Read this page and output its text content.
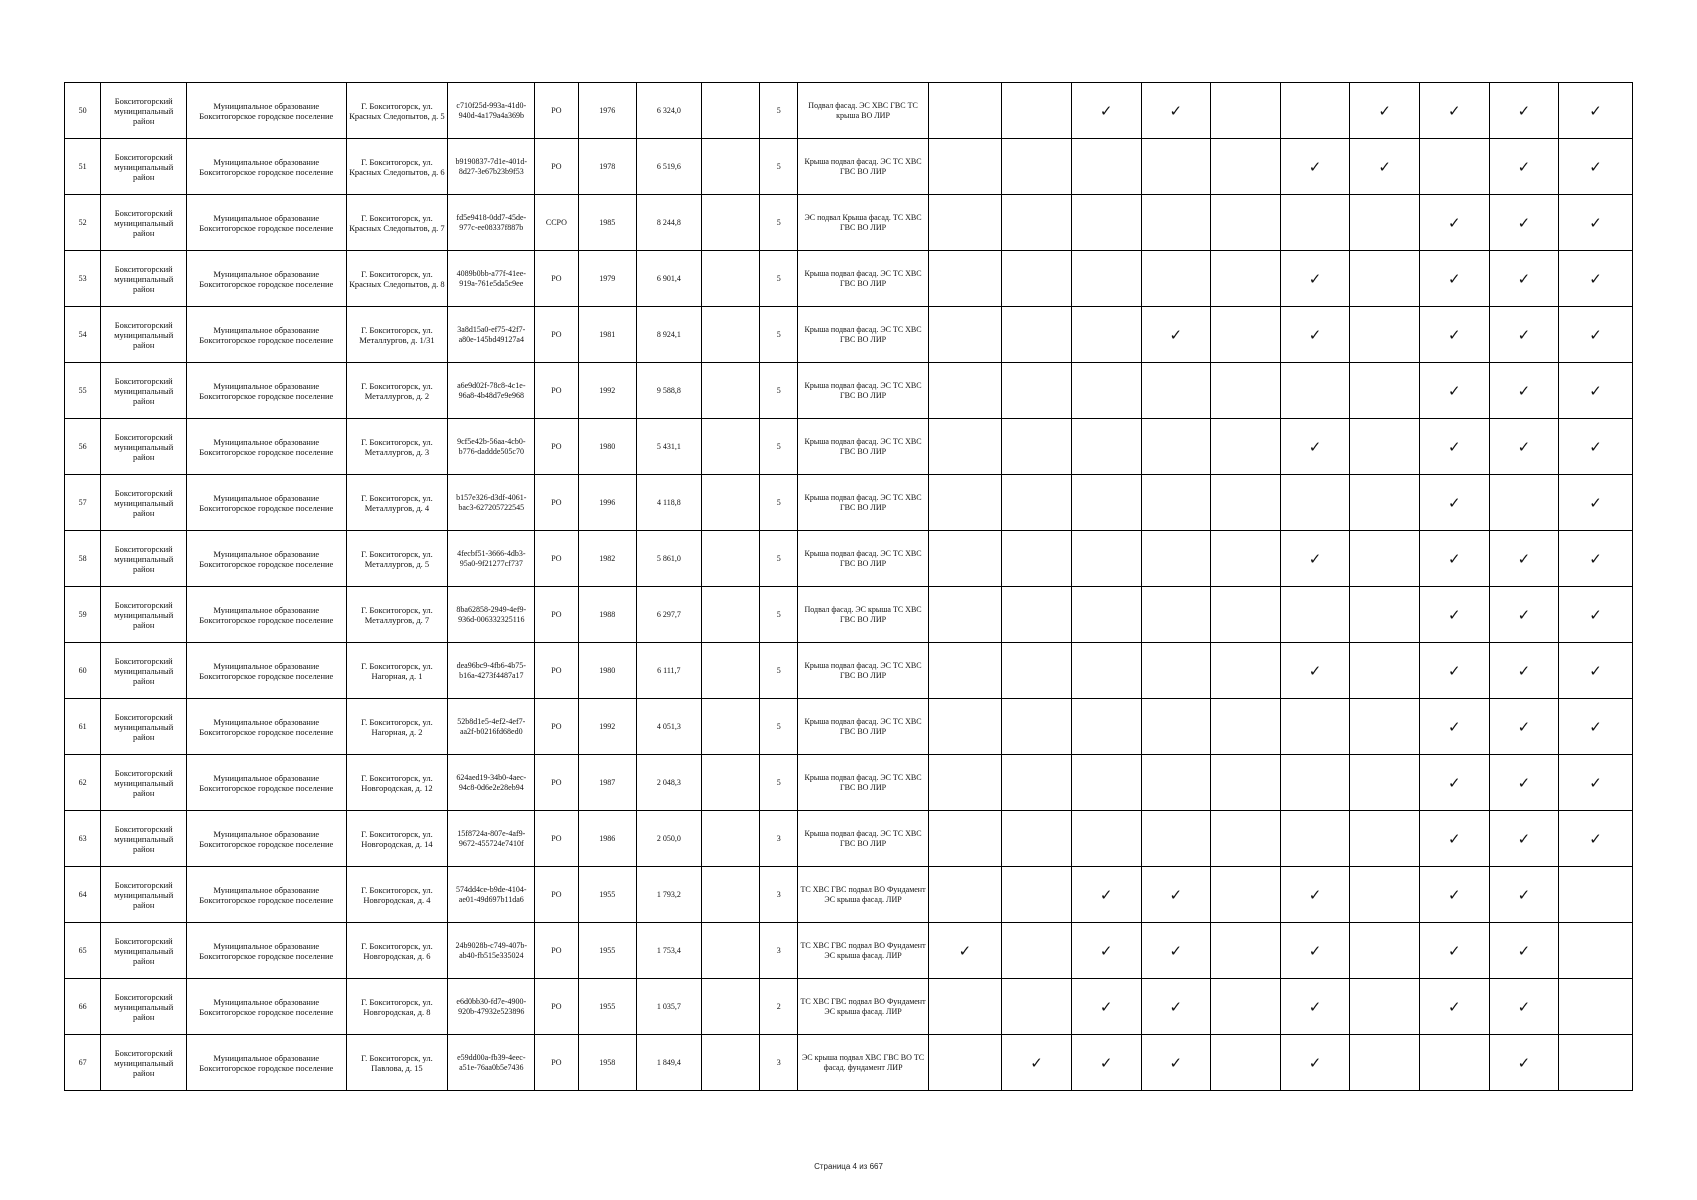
50	Бокситогорский муниципальный район	Муниципальное образование Бокситогорское городское поселение	Г. Бокситогорск, ул. Красных Следопытов, д. 5	c710f25d-993a-41d0-940d-4a179a4a369b	РО	1976	6 324,0		5	Подвал фасад. ЭС ХВС ГВС ТС крыша ВО ЛИР			✓	✓			✓	✓	✓	✓
51	Бокситогорский муниципальный район	Муниципальное образование Бокситогорское городское поселение	Г. Бокситогорск, ул. Красных Следопытов, д. 6	b9190837-7d1e-401d-8d27-3e67b23b9f53	РО	1978	6 519,6		5	Крыша подвал фасад. ЭС ТС ХВС ГВС ВО ЛИР						✓	✓		✓	✓
52	Бокситогорский муниципальный район	Муниципальное образование Бокситогорское городское поселение	Г. Бокситогорск, ул. Красных Следопытов, д. 7	fd5e9418-0dd7-45de-977c-ee08337f887b	ССРО	1985	8 244,8		5	ЭС подвал Крыша фасад. ТС ХВС ГВС ВО ЛИР								✓	✓	✓
53	Бокситогорский муниципальный район	Муниципальное образование Бокситогорское городское поселение	Г. Бокситогорск, ул. Красных Следопытов, д. 8	4089b0bb-a77f-41ee-919a-761e5da5c9ee	РО	1979	6 901,4		5	Крыша подвал фасад. ЭС ТС ХВС ГВС ВО ЛИР						✓		✓	✓	✓
54	Бокситогорский муниципальный район	Муниципальное образование Бокситогорское городское поселение	Г. Бокситогорск, ул. Металлургов, д. 1/31	3a8d15a0-ef75-42f7-a80e-145bd49127a4	РО	1981	8 924,1		5	Крыша подвал фасад. ЭС ТС ХВС ГВС ВО ЛИР				✓		✓		✓	✓	✓
55	Бокситогорский муниципальный район	Муниципальное образование Бокситогорское городское поселение	Г. Бокситогорск, ул. Металлургов, д. 2	a6e9d02f-78c8-4c1e-96a8-4b48d7e9e968	РО	1992	9 588,8		5	Крыша подвал фасад. ЭС ТС ХВС ГВС ВО ЛИР								✓	✓	✓
56	Бокситогорский муниципальный район	Муниципальное образование Бокситогорское городское поселение	Г. Бокситогорск, ул. Металлургов, д. 3	9cf5e42b-56aa-4cb0-b776-daddde505c70	РО	1980	5 431,1		5	Крыша подвал фасад. ЭС ТС ХВС ГВС ВО ЛИР						✓		✓	✓	✓
57	Бокситогорский муниципальный район	Муниципальное образование Бокситогорское городское поселение	Г. Бокситогорск, ул. Металлургов, д. 4	b157e326-d3df-4061-bac3-627205722545	РО	1996	4 118,8		5	Крыша подвал фасад. ЭС ТС ХВС ГВС ВО ЛИР								✓		✓
58	Бокситогорский муниципальный район	Муниципальное образование Бокситогорское городское поселение	Г. Бокситогорск, ул. Металлургов, д. 5	4fecbf51-3666-4db3-95a0-9f21277cf737	РО	1982	5 861,0		5	Крыша подвал фасад. ЭС ТС ХВС ГВС ВО ЛИР						✓		✓	✓	✓
59	Бокситогорский муниципальный район	Муниципальное образование Бокситогорское городское поселение	Г. Бокситогорск, ул. Металлургов, д. 7	8ba62858-2949-4ef9-936d-006332325116	РО	1988	6 297,7		5	Подвал фасад. ЭС крыша ТС ХВС ГВС ВО ЛИР								✓	✓	✓
60	Бокситогорский муниципальный район	Муниципальное образование Бокситогорское городское поселение	Г. Бокситогорск, ул. Нагорная, д. 1	dea96bc9-4fb6-4b75-b16a-4273f4487a17	РО	1980	6 111,7		5	Крыша подвал фасад. ЭС ТС ХВС ГВС ВО ЛИР						✓		✓	✓	✓
61	Бокситогорский муниципальный район	Муниципальное образование Бокситогорское городское поселение	Г. Бокситогорск, ул. Нагорная, д. 2	52b8d1e5-4ef2-4ef7-aa2f-b0216fd68ed0	РО	1992	4 051,3		5	Крыша подвал фасад. ЭС ТС ХВС ГВС ВО ЛИР								✓	✓	✓
62	Бокситогорский муниципальный район	Муниципальное образование Бокситогорское городское поселение	Г. Бокситогорск, ул. Новгородская, д. 12	624aed19-34b0-4aec-94c8-0d6e2e28eb94	РО	1987	2 048,3		5	Крыша подвал фасад. ЭС ТС ХВС ГВС ВО ЛИР								✓	✓	✓
63	Бокситогорский муниципальный район	Муниципальное образование Бокситогорское городское поселение	Г. Бокситогорск, ул. Новгородская, д. 14	15f8724a-807e-4af9-9672-455724e7410f	РО	1986	2 050,0		3	Крыша подвал фасад. ЭС ТС ХВС ГВС ВО ЛИР								✓	✓	✓
64	Бокситогорский муниципальный район	Муниципальное образование Бокситогорское городское поселение	Г. Бокситогорск, ул. Новгородская, д. 4	574dd4ce-b9de-4104-ae01-49d697b11da6	РО	1955	1 793,2		3	ТС ХВС ГВС подвал ВО Фундамент ЭС крыша фасад. ЛИР			✓	✓		✓		✓	✓	
65	Бокситогорский муниципальный район	Муниципальное образование Бокситогорское городское поселение	Г. Бокситогорск, ул. Новгородская, д. 6	24b9028b-c749-407b-ab40-fb515e335024	РО	1955	1 753,4		3	ТС ХВС ГВС подвал ВО Фундамент ЭС крыша фасад. ЛИР	✓		✓	✓		✓		✓	✓	
66	Бокситогорский муниципальный район	Муниципальное образование Бокситогорское городское поселение	Г. Бокситогорск, ул. Новгородская, д. 8	e6d0bb30-fd7e-4900-920b-47932e523896	РО	1955	1 035,7		2	ТС ХВС ГВС подвал ВО Фундамент ЭС крыша фасад. ЛИР			✓	✓		✓		✓	✓	
67	Бокситогорский муниципальный район	Муниципальное образование Бокситогорское городское поселение	Г. Бокситогорск, ул. Павлова, д. 15	e59dd00a-fb39-4eec-a51e-76aa0b5e7436	РО	1958	1 849,4		3	ЭС крыша подвал ХВС ГВС ВО ТС фасад. фундамент ЛИР		✓	✓	✓		✓			✓	
Страница 4 из 667
